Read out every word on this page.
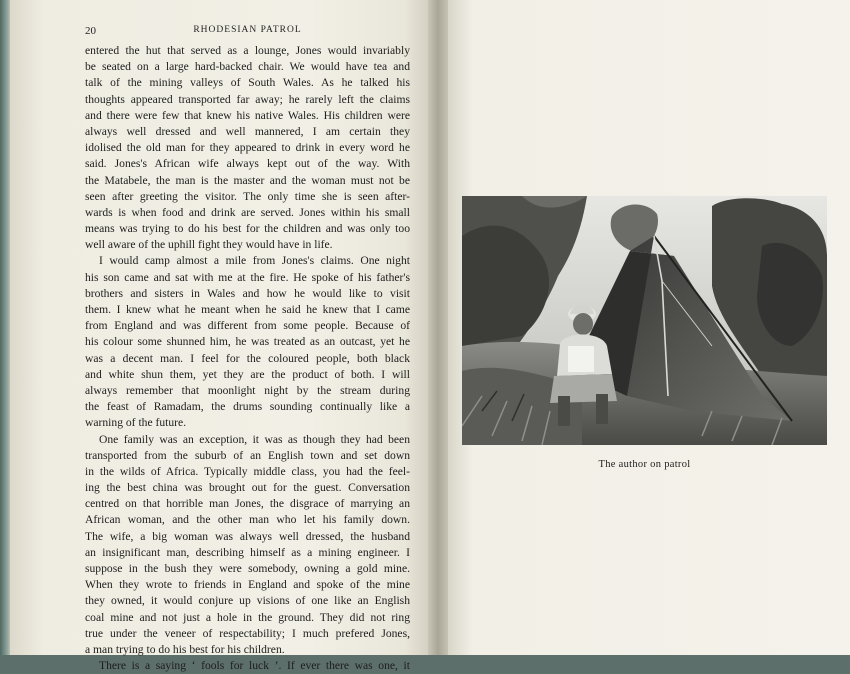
20	RHODESIAN PATROL
entered the hut that served as a lounge, Jones would invariably
be seated on a large hard-backed chair. We would have tea and
talk of the mining valleys of South Wales. As he talked his
thoughts appeared transported far away; he rarely left the claims
and there were few that knew his native Wales. His children were
always well dressed and well mannered, I am certain they
idolised the old man for they appeared to drink in every word he
said. Jones's African wife always kept out of the way. With
the Matabele, the man is the master and the woman must not be
seen after greeting the visitor. The only time she is seen after-
wards is when food and drink are served. Jones within his small
means was trying to do his best for the children and was only too
well aware of the uphill fight they would have in life.
I would camp almost a mile from Jones's claims. One night
his son came and sat with me at the fire. He spoke of his father's
brothers and sisters in Wales and how he would like to visit
them. I knew what he meant when he said he knew that I came
from England and was different from some people. Because of
his colour some shunned him, he was treated as an outcast, yet he
was a decent man. I feel for the coloured people, both black
and white shun them, yet they are the product of both. I will
always remember that moonlight night by the stream during
the feast of Ramadam, the drums sounding continually like a
warning of the future.
One family was an exception, it was as though they had been
transported from the suburb of an English town and set down
in the wilds of Africa. Typically middle class, you had the feel-
ing the best china was brought out for the guest. Conversation
centred on that horrible man Jones, the disgrace of marrying an
African woman, and the other man who let his family down.
The wife, a big woman was always well dressed, the husband
an insignificant man, describing himself as a mining engineer. I
suppose in the bush they were somebody, owning a gold mine.
When they wrote to friends in England and spoke of the mine
they owned, it would conjure up visions of one like an English
coal mine and not just a hole in the ground. They did not ring
true under the veneer of respectability; I much prefered Jones,
a man trying to do his best for his children.
There is a saying ‘ fools for luck ’. If ever there was one, it
The author on patrol
